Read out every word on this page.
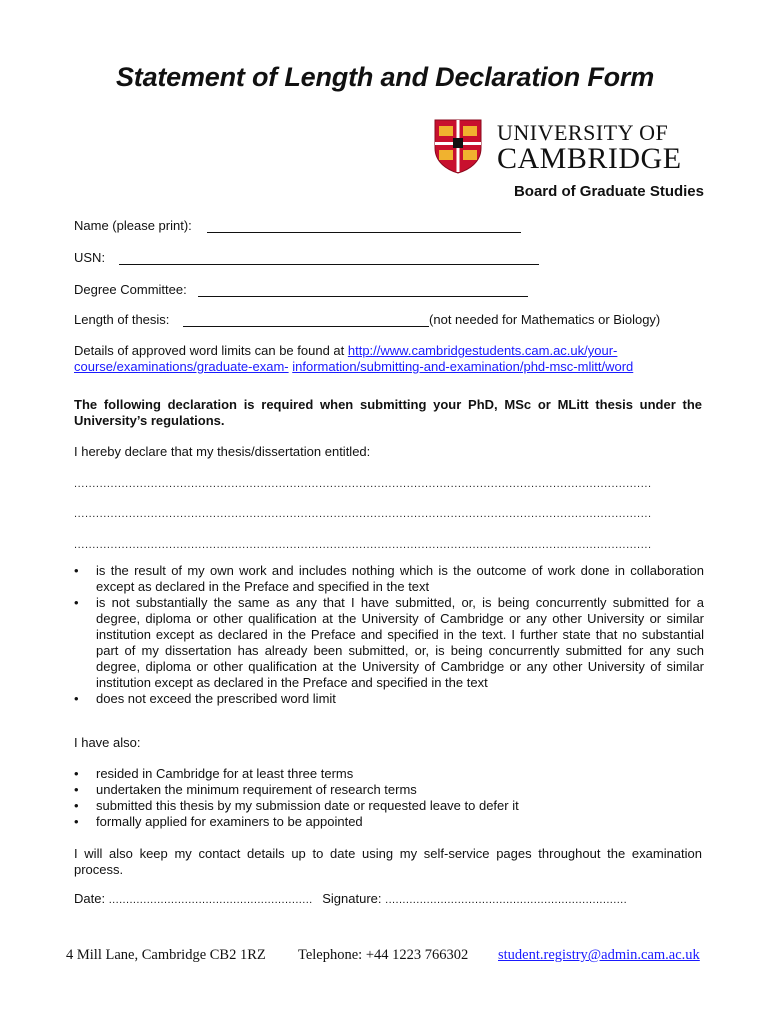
Statement of Length and Declaration Form
UNIVERSITY OF
CAMBRIDGE
Board of Graduate Studies
Name (please print):
USN:
Degree Committee:
Length of thesis:	(not needed for Mathematics or Biology)
Details of approved word limits can be found at http://www.cambridgestudents.cam.ac.uk/your-
course/examinations/graduate-exam- information/submitting-and-examination/phd-msc-mlitt/word
The following declaration is required when submitting your PhD, MSc or MLitt thesis under the University’s regulations.
I hereby declare that my thesis/dissertation entitled:
..............................................................................................................................................................
..............................................................................................................................................................
..............................................................................................................................................................
• is the result of my own work and includes nothing which is the outcome of work done in collaboration except as declared in the Preface and specified in the text
• is not substantially the same as any that I have submitted, or, is being concurrently submitted for a degree, diploma or other qualification at the University of Cambridge or any other University or similar institution except as declared in the Preface and specified in the text. I further state that no substantial part of my dissertation has already been submitted, or, is being concurrently submitted for any such degree, diploma or other qualification at the University of Cambridge or any other University of similar institution except as declared in the Preface and specified in the text
• does not exceed the prescribed word limit
I have also:
• resided in Cambridge for at least three terms
• undertaken the minimum requirement of research terms
• submitted this thesis by my submission date or requested leave to defer it
• formally applied for examiners to be appointed
I will also keep my contact details up to date using my self-service pages throughout the examination process.
Date: ........................................................... Signature: ......................................................................
4 Mill Lane, Cambridge CB2 1RZ Telephone: +44 1223 766302 student.registry@admin.cam.ac.uk
